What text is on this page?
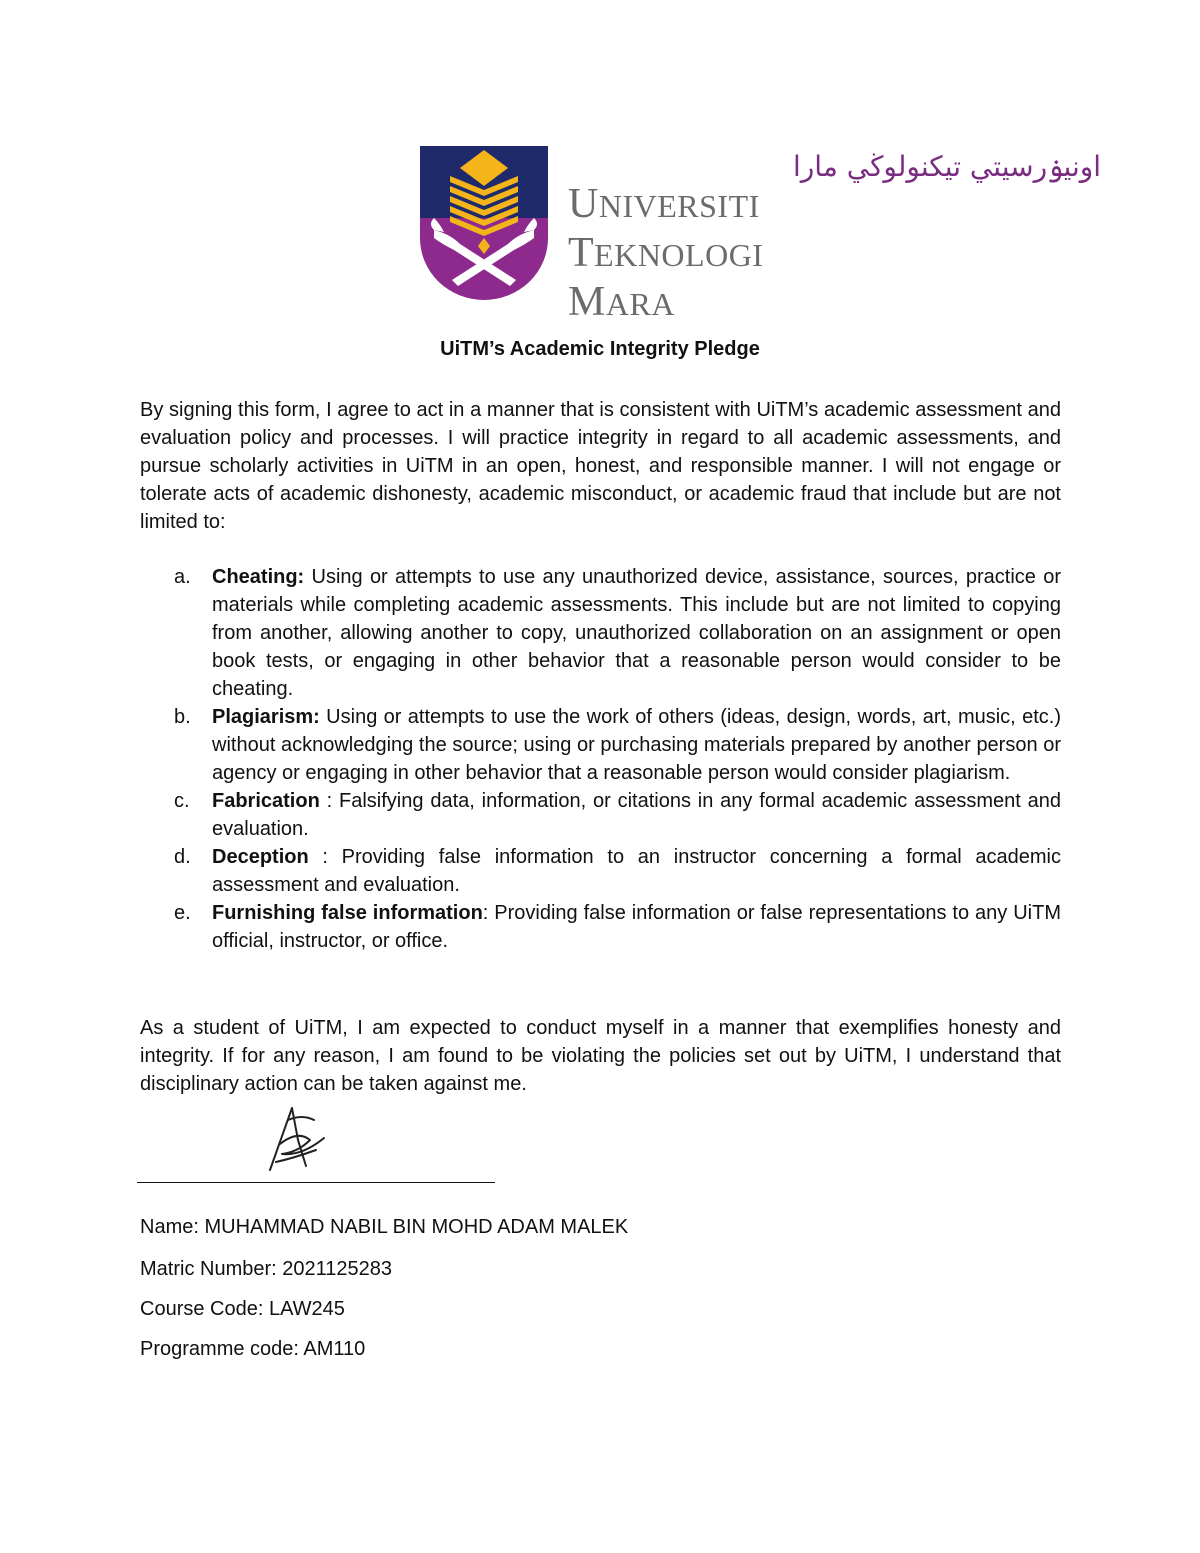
اونيۏرسيتي تيكنولوڬي مارا
UNIVERSITI
TEKNOLOGI
MARA
UiTM’s Academic Integrity Pledge

By signing this form, I agree to act in a manner that is consistent with UiTM’s academic assessment and evaluation policy and processes. I will practice integrity in regard to all academic assessments, and pursue scholarly activities in UiTM in an open, honest, and responsible manner. I will not engage or tolerate acts of academic dishonesty, academic misconduct, or academic fraud that include but are not limited to:

a. Cheating: Using or attempts to use any unauthorized device, assistance, sources, practice or materials while completing academic assessments. This include but are not limited to copying from another, allowing another to copy, unauthorized collaboration on an assignment or open book tests, or engaging in other behavior that a reasonable person would consider to be cheating.
b. Plagiarism: Using or attempts to use the work of others (ideas, design, words, art, music, etc.) without acknowledging the source; using or purchasing materials prepared by another person or agency or engaging in other behavior that a reasonable person would consider plagiarism.
c. Fabrication : Falsifying data, information, or citations in any formal academic assessment and evaluation.
d. Deception : Providing false information to an instructor concerning a formal academic assessment and evaluation.
e. Furnishing false information: Providing false information or false representations to any UiTM official, instructor, or office.

As a student of UiTM, I am expected to conduct myself in a manner that exemplifies honesty and integrity. If for any reason, I am found to be violating the policies set out by UiTM, I understand that disciplinary action can be taken against me.

Name: MUHAMMAD NABIL BIN MOHD ADAM MALEK

Matric Number: 2021125283

Course Code: LAW245

Programme code: AM110
